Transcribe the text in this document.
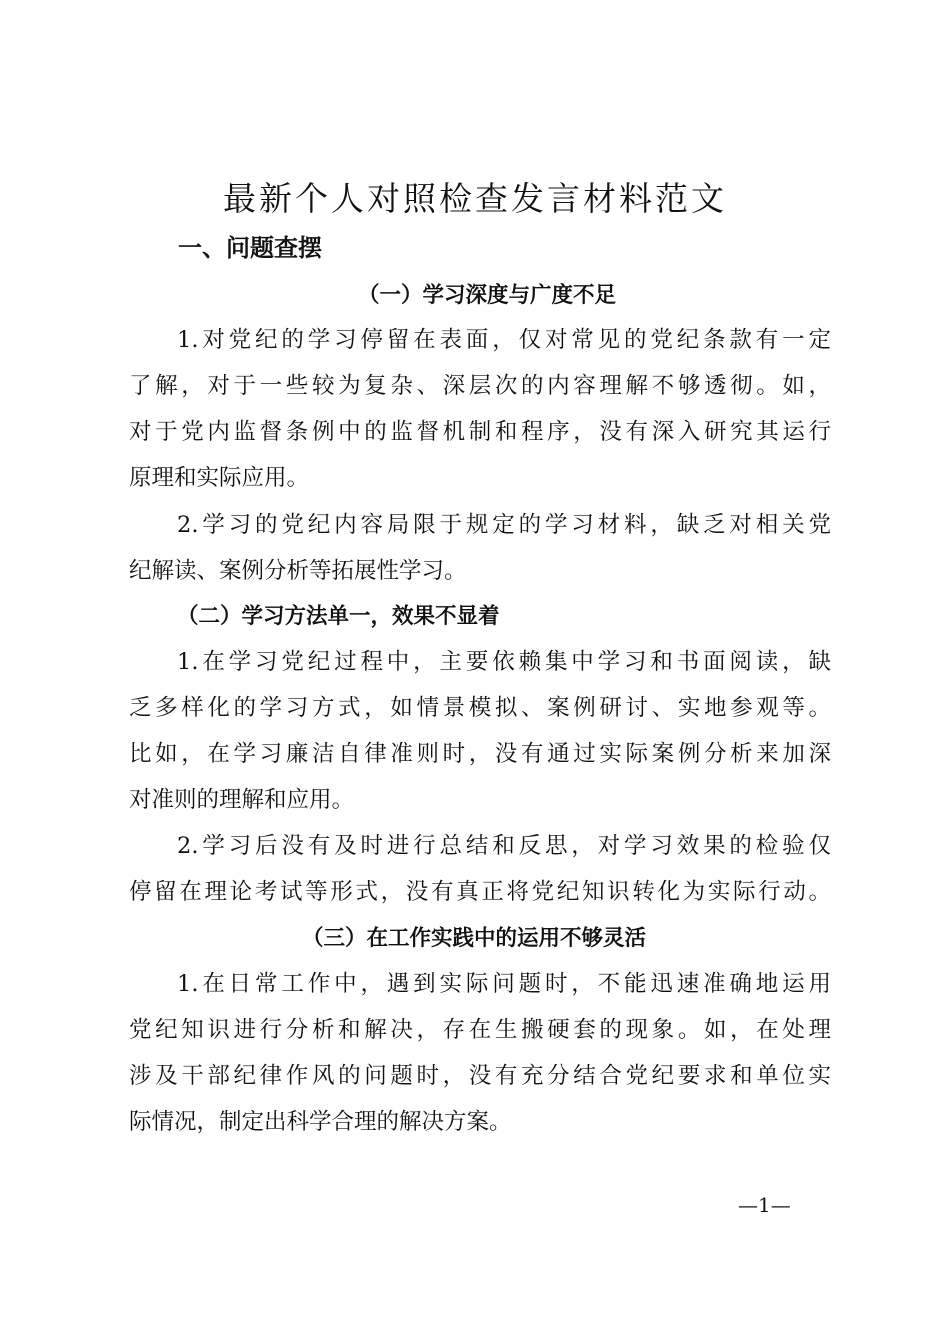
最新个人对照检查发言材料范文
一、问题查摆
（一）学习深度与广度不足
1.对党纪的学习停留在表面，仅对常见的党纪条款有一定
了解，对于一些较为复杂、深层次的内容理解不够透彻。如，
对于党内监督条例中的监督机制和程序，没有深入研究其运行
原理和实际应用。
2.学习的党纪内容局限于规定的学习材料，缺乏对相关党
纪解读、案例分析等拓展性学习。
（二）学习方法单一，效果不显着
1.在学习党纪过程中，主要依赖集中学习和书面阅读，缺
乏多样化的学习方式，如情景模拟、案例研讨、实地参观等。
比如，在学习廉洁自律准则时，没有通过实际案例分析来加深
对准则的理解和应用。
2.学习后没有及时进行总结和反思，对学习效果的检验仅
停留在理论考试等形式，没有真正将党纪知识转化为实际行动。
（三）在工作实践中的运用不够灵活
1.在日常工作中，遇到实际问题时，不能迅速准确地运用
党纪知识进行分析和解决，存在生搬硬套的现象。如，在处理
涉及干部纪律作风的问题时，没有充分结合党纪要求和单位实
际情况，制定出科学合理的解决方案。
—1—
